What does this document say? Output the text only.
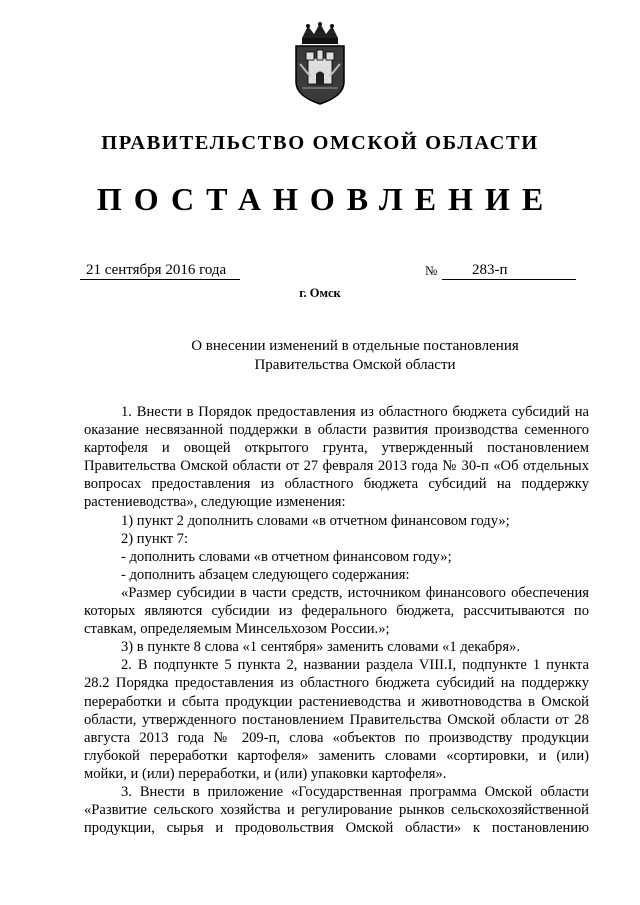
ПРАВИТЕЛЬСТВО ОМСКОЙ ОБЛАСТИ
ПОСТАНОВЛЕНИЕ
21 сентября 2016 года	№	283-п
г. Омск
О внесении изменений в отдельные постановления
Правительства Омской области

1. Внести в Порядок предоставления из областного бюджета субсидий на оказание несвязанной поддержки в области развития производства семенного картофеля и овощей открытого грунта, утвержденный постановлением Правительства Омской области от 27 февраля 2013 года № 30-п «Об отдельных вопросах предоставления из областного бюджета субсидий на поддержку растениеводства», следующие изменения:

1) пункт 2 дополнить словами «в отчетном финансовом году»;

2) пункт 7:

- дополнить словами «в отчетном финансовом году»;

- дополнить абзацем следующего содержания:

«Размер субсидии в части средств, источником финансового обеспечения которых являются субсидии из федерального бюджета, рассчитываются по ставкам, определяемым Минсельхозом России.»;

3) в пункте 8 слова «1 сентября» заменить словами «1 декабря».

2. В подпункте 5 пункта 2, названии раздела VIII.I, подпункте 1 пункта 28.2 Порядка предоставления из областного бюджета субсидий на поддержку переработки и сбыта продукции растениеводства и животноводства в Омской области, утвержденного постановлением Правительства Омской области от 28 августа 2013 года № 209-п, слова «объектов по производству продукции глубокой переработки картофеля» заменить словами «сортировки, и (или) мойки, и (или) переработки, и (или) упаковки картофеля».

3. Внести в приложение «Государственная программа Омской области «Развитие сельского хозяйства и регулирование рынков сельскохозяйственной продукции, сырья и продовольствия Омской области» к постановлению
